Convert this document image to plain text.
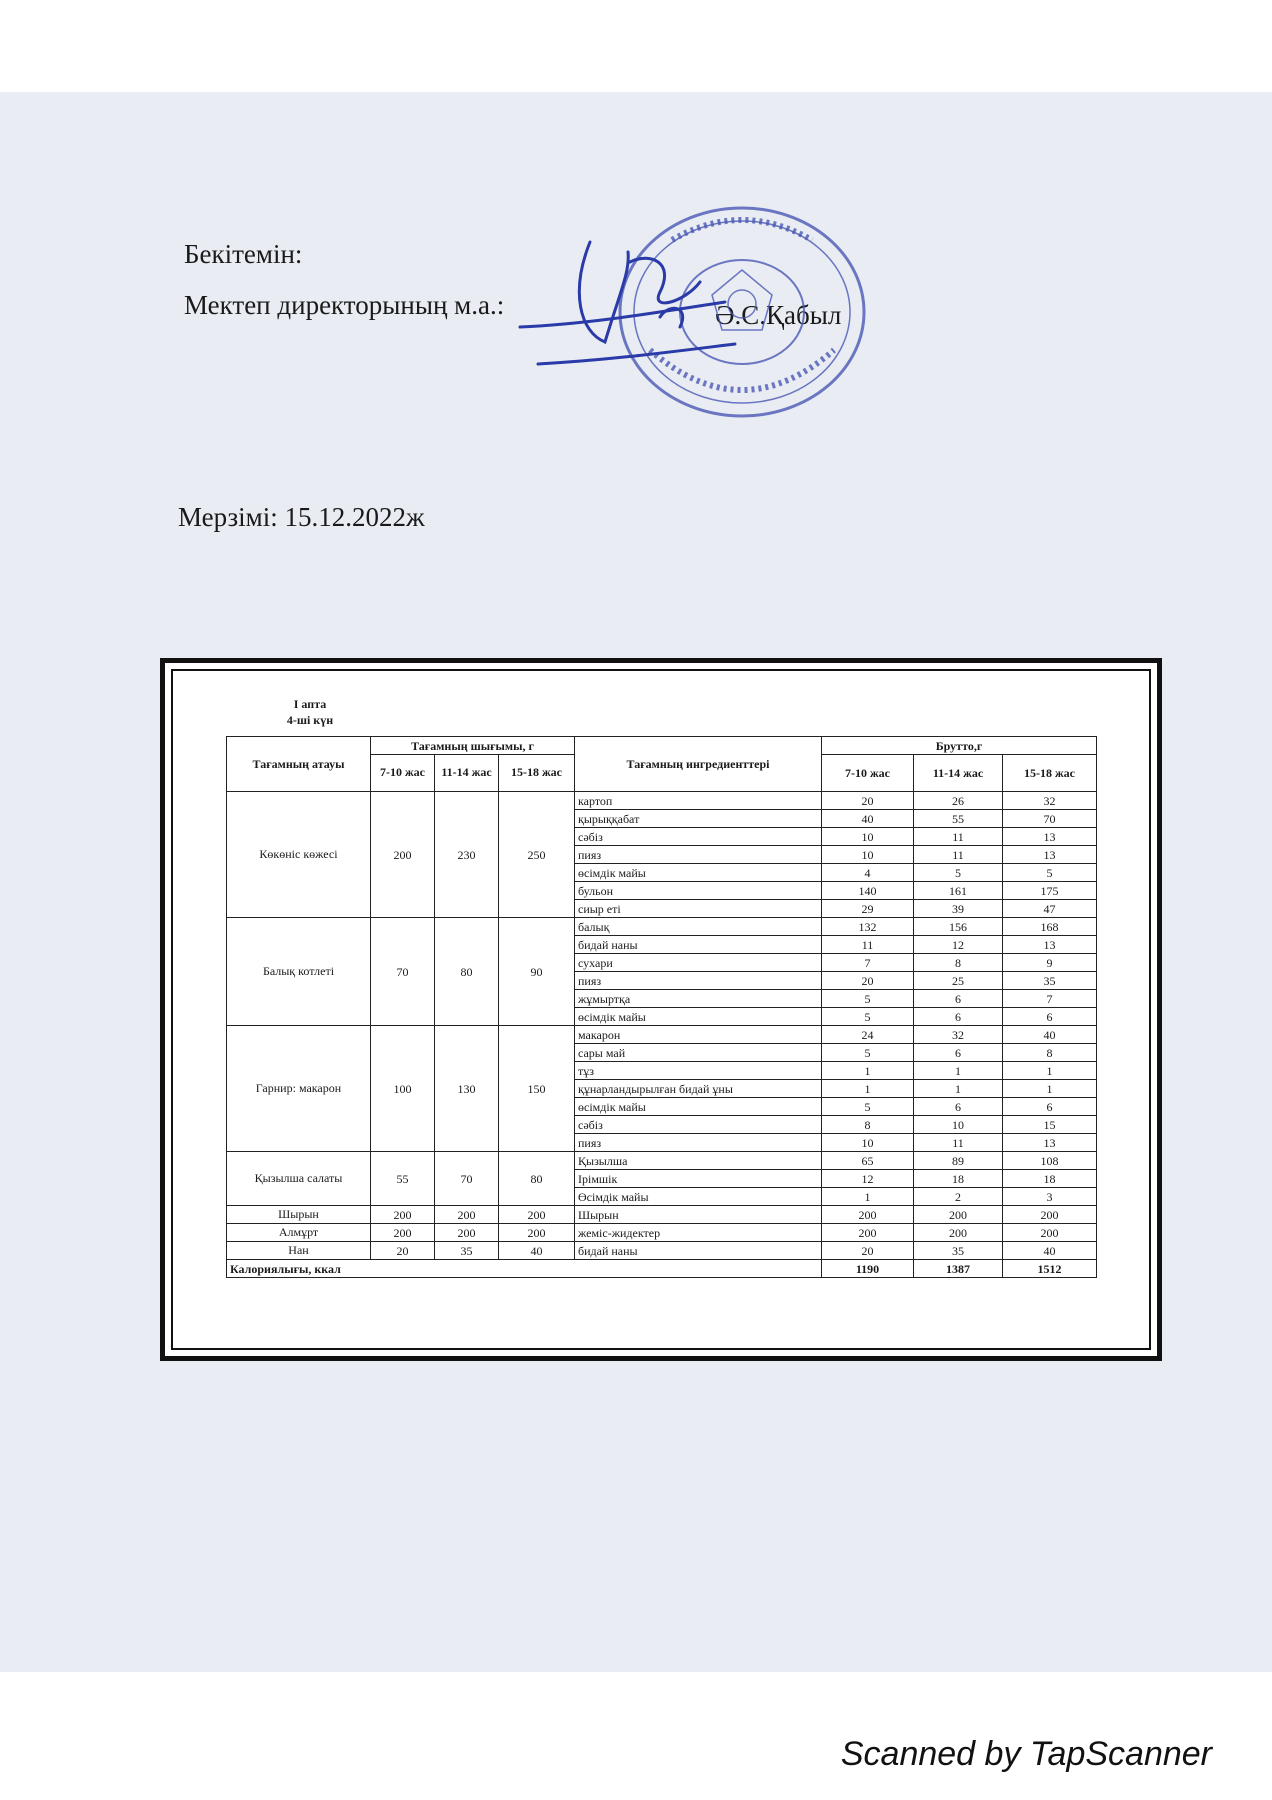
Бекітемін:
Мектеп директорының м.а.:	Ә.С.Қабыл
Мерзімі: 15.12.2022ж
I апта
4-ші күн
Тағамның атауы	Тағамның шығымы, г			Тағамның ингредиенттері	Брутто,г		
	7-10 жас	11-14 жас	15-18 жас		7-10 жас	11-14 жас	15-18 жас
Көкөніс көжесі	200	230	250	картоп	20	26	32
				қырыққабат	40	55	70
				сәбіз	10	11	13
				пияз	10	11	13
				өсімдік майы	4	5	5
				бульон	140	161	175
				сиыр еті	29	39	47
Балық котлеті	70	80	90	балық	132	156	168
				бидай наны	11	12	13
				сухари	7	8	9
				пияз	20	25	35
				жұмыртқа	5	6	7
				өсімдік майы	5	6	6
Гарнир: макарон	100	130	150	макарон	24	32	40
				сары май	5	6	8
				тұз	1	1	1
				құнарландырылған бидай ұны	1	1	1
				өсімдік майы	5	6	6
				сәбіз	8	10	15
				пияз	10	11	13
Қызылша салаты	55	70	80	Қызылша	65	89	108
				Ірімшік	12	18	18
				Өсімдік майы	1	2	3
Шырын	200	200	200	Шырын	200	200	200
Алмұрт	200	200	200	жеміс-жидектер	200	200	200
Нан	20	35	40	бидай наны	20	35	40
Калориялығы, ккал					1190	1387	1512
Scanned by TapScanner
